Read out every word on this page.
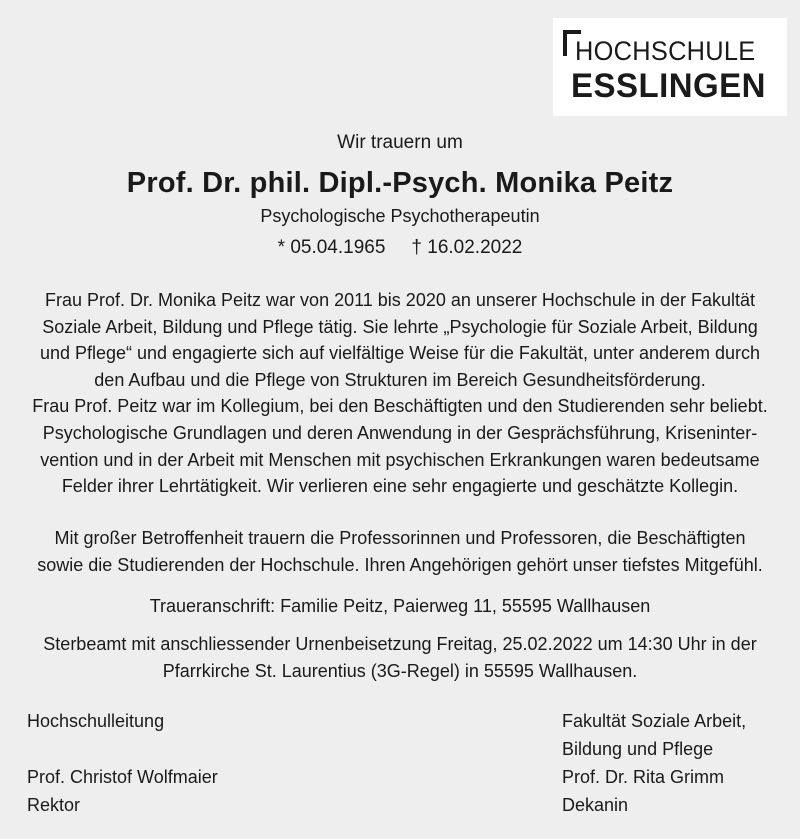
HOCHSCHULE
ESSLINGEN
Wir trauern um
Prof. Dr. phil. Dipl.-Psych. Monika Peitz
Psychologische Psychotherapeutin
* 05.04.1965 † 16.02.2022
Frau Prof. Dr. Monika Peitz war von 2011 bis 2020 an unserer Hochschule in der Fakultät
Soziale Arbeit, Bildung und Pflege tätig. Sie lehrte „Psychologie für Soziale Arbeit, Bildung
und Pflege“ und engagierte sich auf vielfältige Weise für die Fakultät, unter anderem durch
den Aufbau und die Pflege von Strukturen im Bereich Gesundheitsförderung.
Frau Prof. Peitz war im Kollegium, bei den Beschäftigten und den Studierenden sehr beliebt.
Psychologische Grundlagen und deren Anwendung in der Gesprächsführung, Kriseninter-
vention und in der Arbeit mit Menschen mit psychischen Erkrankungen waren bedeutsame
Felder ihrer Lehrtätigkeit. Wir verlieren eine sehr engagierte und geschätzte Kollegin.
Mit großer Betroffenheit trauern die Professorinnen und Professoren, die Beschäftigten
sowie die Studierenden der Hochschule. Ihren Angehörigen gehört unser tiefstes Mitgefühl.
Traueranschrift: Familie Peitz, Paierweg 11, 55595 Wallhausen
Sterbeamt mit anschliessender Urnenbeisetzung Freitag, 25.02.2022 um 14:30 Uhr in der
Pfarrkirche St. Laurentius (3G-Regel) in 55595 Wallhausen.
Hochschulleitung
Prof. Christof Wolfmaier
Rektor
Fakultät Soziale Arbeit,
Bildung und Pflege
Prof. Dr. Rita Grimm
Dekanin
